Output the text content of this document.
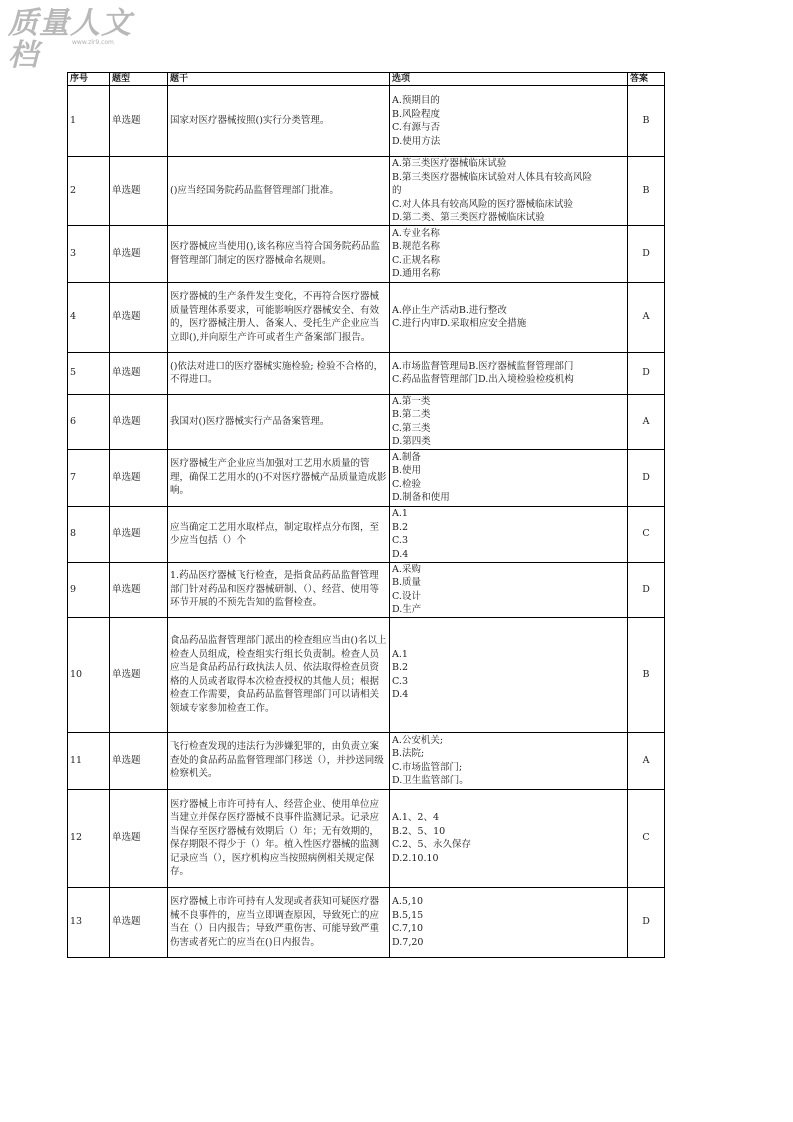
质量人文档	www.zlr9.com
序号	题型	题干	选项	答案
1	单选题	国家对医疗器械按照()实行分类管理。	A.预期目的
B.风险程度
C.有源与否
D.使用方法	B
2	单选题	()应当经国务院药品监督管理部门批准。	A.第三类医疗器械临床试验
B.第三类医疗器械临床试验对人体具有较高风险
的
C.对人体具有较高风险的医疗器械临床试验
D.第二类、第三类医疗器械临床试验	B
3	单选题	医疗器械应当使用(),该名称应当符合国务院药品监督管理部门制定的医疗器械命名规则。	A.专业名称
B.规范名称
C.正规名称
D.通用名称	D
4	单选题	医疗器械的生产条件发生变化，不再符合医疗器械质量管理体系要求，可能影响医疗器械安全、有效的，医疗器械注册人、备案人、受托生产企业应当立即(),并向原生产许可或者生产备案部门报告。	A.停止生产活动B.进行整改
C.进行内审D.采取相应安全措施	A
5	单选题	()依法对进口的医疗器械实施检验; 检验不合格的，不得进口。	A.市场监督管理局B.医疗器械监督管理部门
C.药品监督管理部门D.出入境检验检疫机构	D
6	单选题	我国对()医疗器械实行产品备案管理。	A.第一类
B.第二类
C.第三类
D.第四类	A
7	单选题	医疗器械生产企业应当加强对工艺用水质量的管理，确保工艺用水的()不对医疗器械产品质量造成影响。	A.制备
B.使用
C.检验
D.制备和使用	D
8	单选题	应当确定工艺用水取样点，制定取样点分布图，至少应当包括（）个	A.1
B.2
C.3
D.4	C
9	单选题	1.药品医疗器械飞行检查，是指食品药品监督管理部门针对药品和医疗器械研制、（）、经营、使用等环节开展的不预先告知的监督检查。	A.采购
B.质量
C.设计
D.生产	D
10	单选题	食品药品监督管理部门派出的检查组应当由()名以上检查人员组成，检查组实行组长负责制。检查人员应当是食品药品行政执法人员、依法取得检查员资格的人员或者取得本次检查授权的其他人员；根据检查工作需要，食品药品监督管理部门可以请相关领域专家参加检查工作。	A.1
B.2
C.3
D.4	B
11	单选题	飞行检查发现的违法行为涉嫌犯罪的，由负责立案查处的食品药品监督管理部门移送（），并抄送同级检察机关。	A.公安机关;
B.法院;
C.市场监管部门;
D.卫生监管部门。	A
12	单选题	医疗器械上市许可持有人、经营企业、使用单位应当建立并保存医疗器械不良事件监测记录。记录应当保存至医疗器械有效期后（）年；无有效期的，保存期限不得少于（）年。植入性医疗器械的监测记录应当（），医疗机构应当按照病例相关规定保存。	A.1、2、4
B.2、5、10
C.2、5、永久保存
D.2.10.10	C
13	单选题	医疗器械上市许可持有人发现或者获知可疑医疗器械不良事件的，应当立即调查原因，导致死亡的应当在（）日内报告；导致严重伤害、可能导致严重伤害或者死亡的应当在()日内报告。	A.5,10
B.5,15
C.7,10
D.7,20	D
